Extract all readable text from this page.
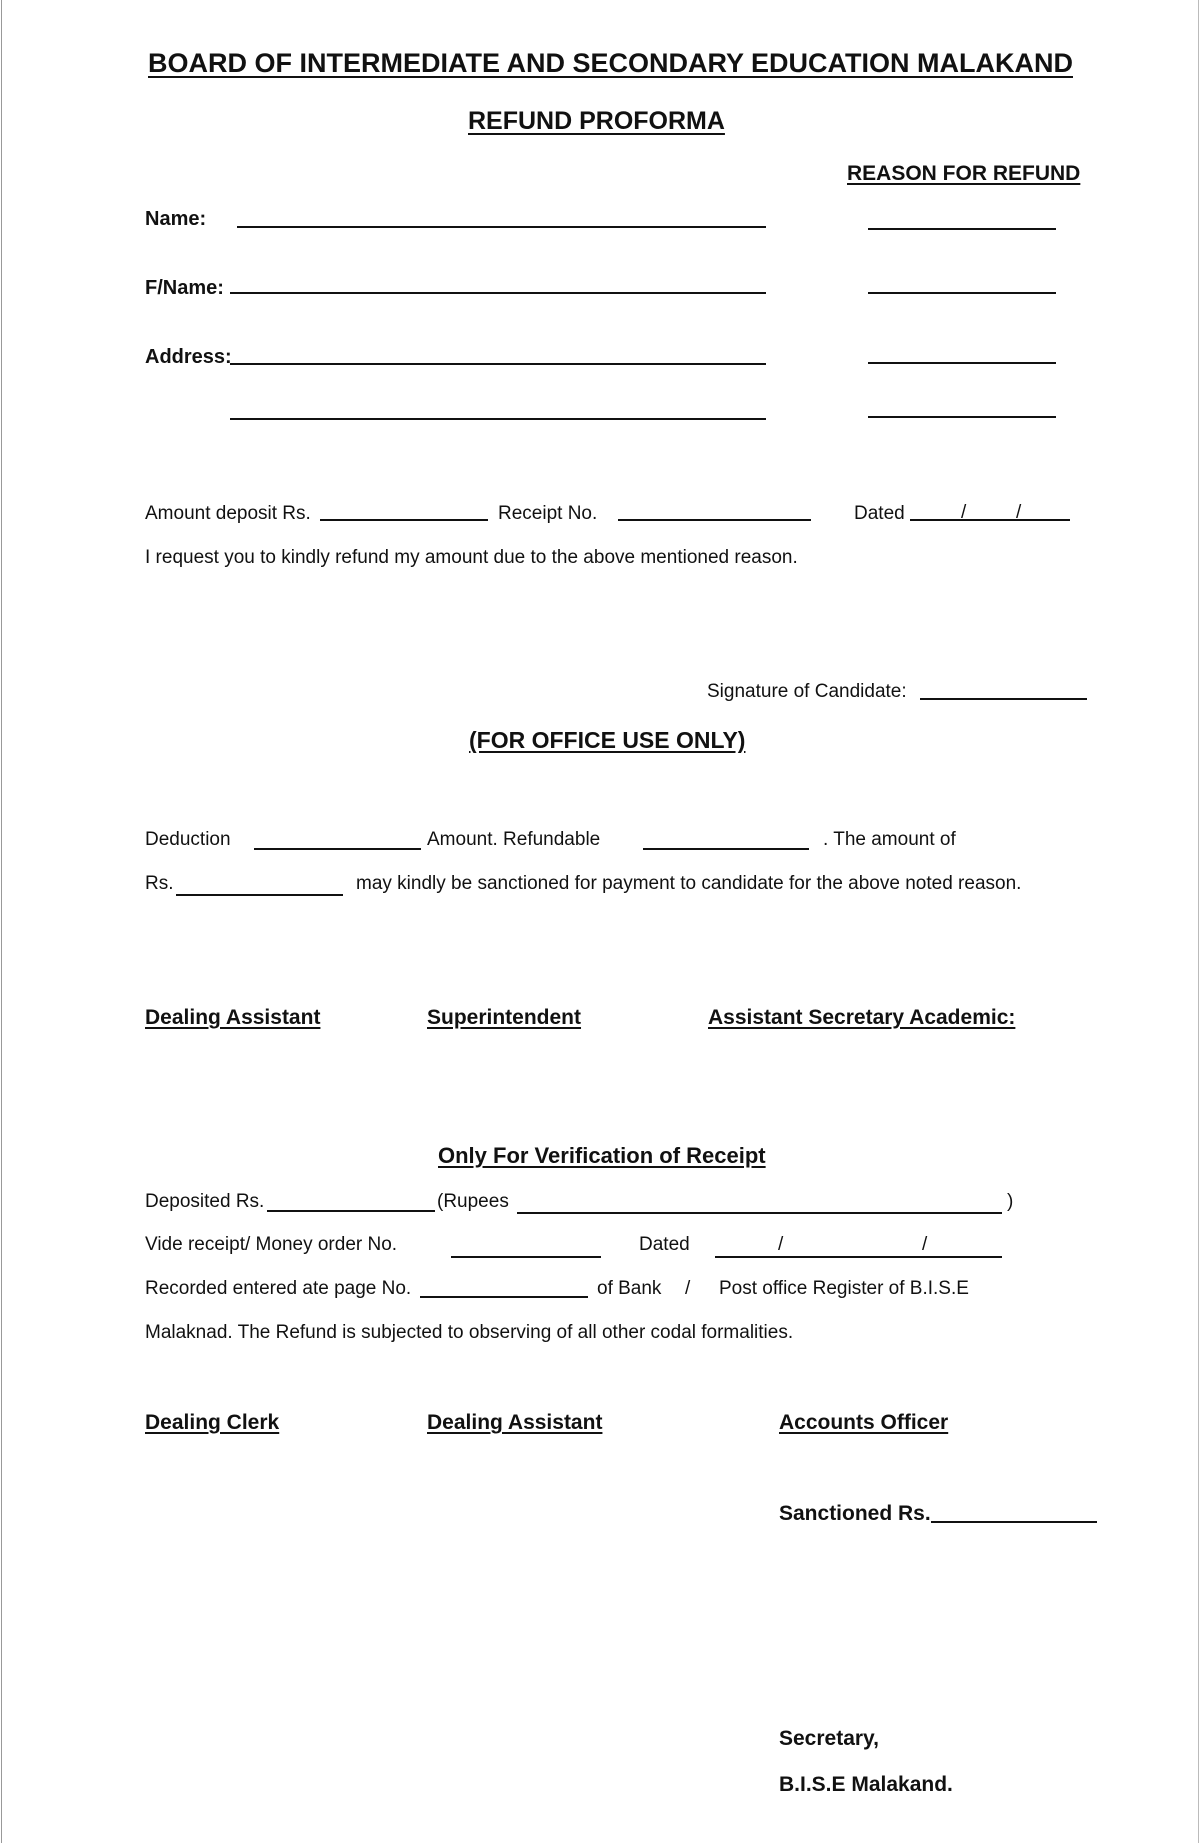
BOARD OF INTERMEDIATE AND SECONDARY EDUCATION MALAKAND
REFUND PROFORMA
REASON FOR REFUND
Name:
F/Name:
Address:
Amount deposit Rs.	Receipt No.	Dated	/	/
I request you to kindly refund my amount due to the above mentioned reason.
Signature of Candidate:
(FOR OFFICE USE ONLY)
Deduction	Amount. Refundable	. The amount of
Rs.	may kindly be sanctioned for payment to candidate for the above noted reason.
Dealing Assistant	Superintendent	Assistant Secretary Academic:
Only For Verification of Receipt
Deposited Rs.	(Rupees	)
Vide receipt/ Money order No.	Dated	/	/
Recorded entered ate page No.	of Bank / Post office Register of B.I.S.E
Malaknad. The Refund is subjected to observing of all other codal formalities.
Dealing Clerk	Dealing Assistant	Accounts Officer
Sanctioned Rs.
Secretary,
B.I.S.E Malakand.
